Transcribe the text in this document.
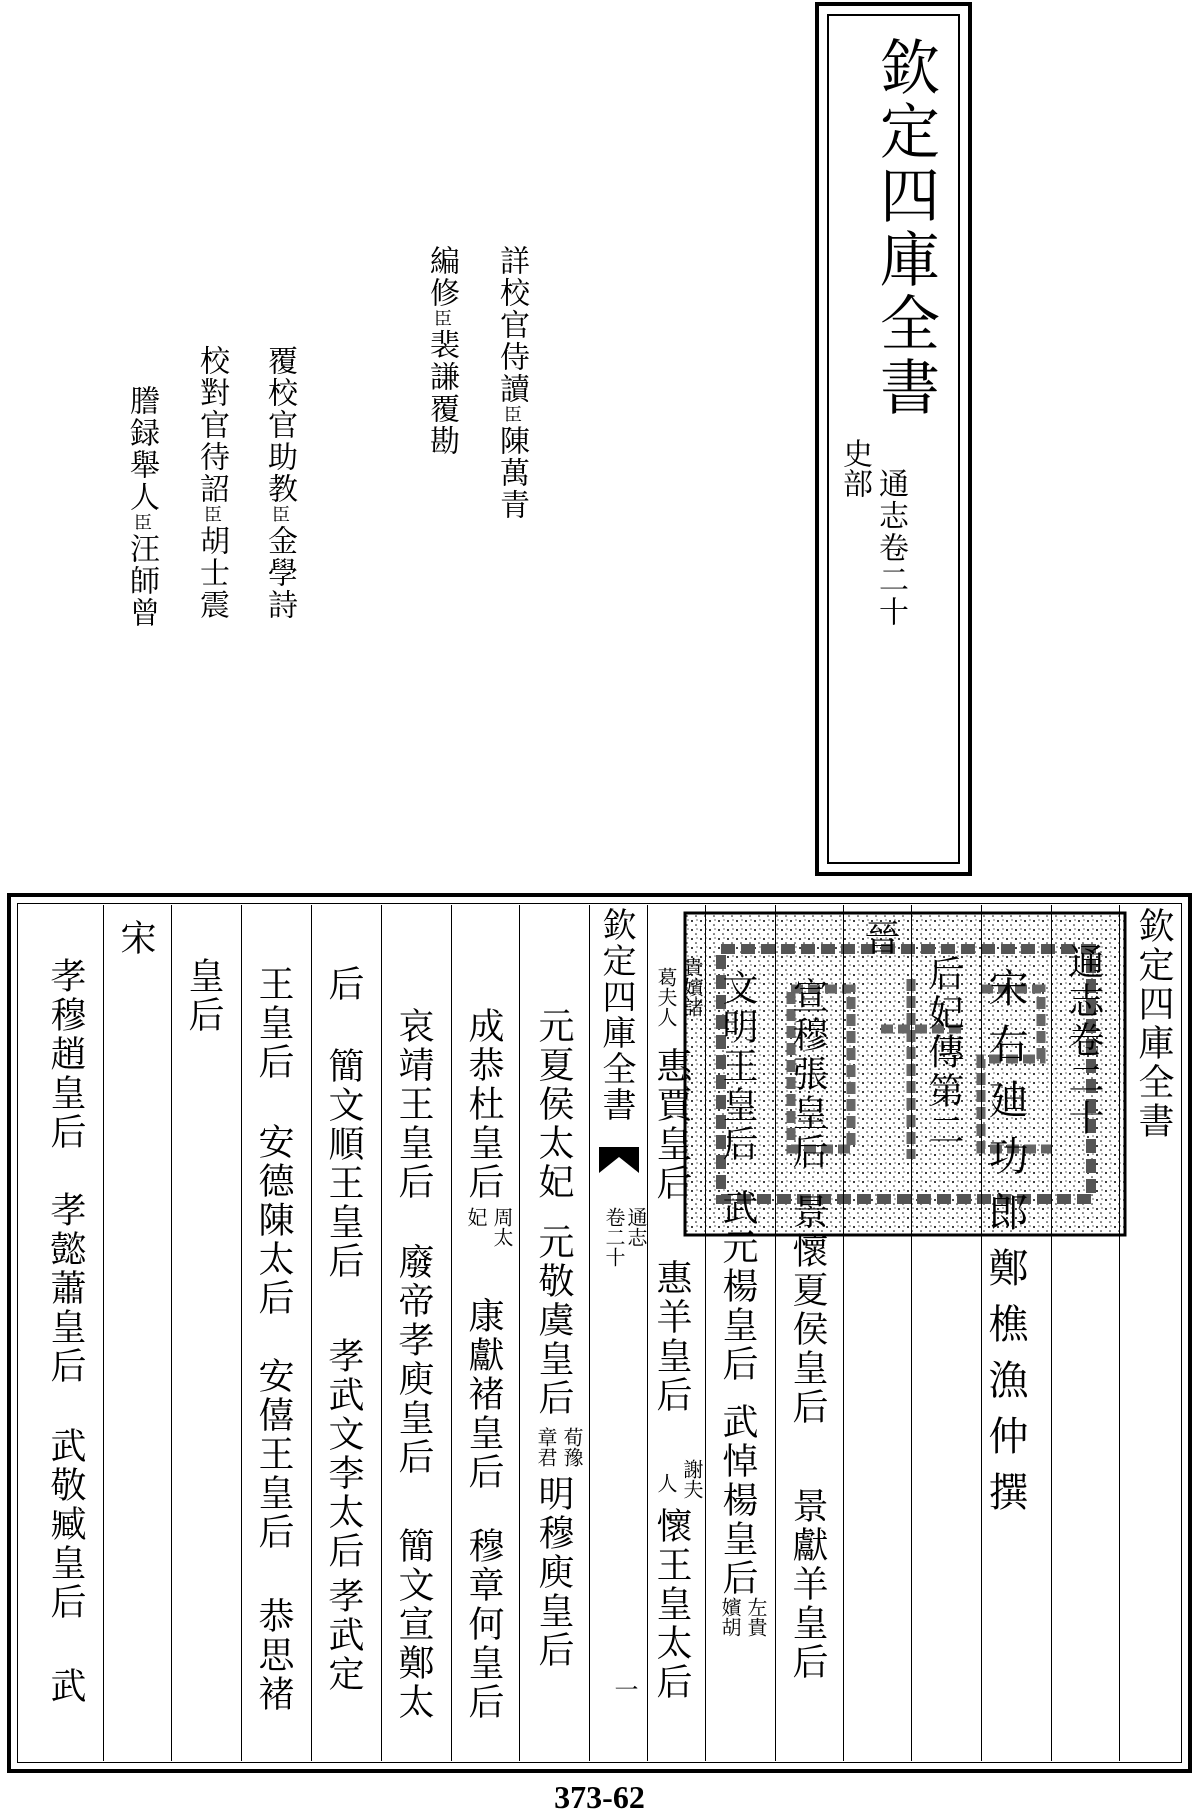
欽定四庫全書
史部 通志卷二十
詳校官侍讀臣陳萬青
編修臣裴謙覆勘
覆校官助教臣金學詩
校對官待詔臣胡士震
謄録舉人臣汪師曾
欽定四庫全書
通志卷二十
宋右廸功郎鄭樵漁仲撰
后妃傳第二
晉
宣穆張皇后
景懷夏侯皇后
景獻羊皇后
文明王皇后
武元楊皇后
武悼楊皇后
左貴
嬪胡
貴嬪諸
葛夫人
惠賈皇后
惠羊皇后
謝夫
人
懷王皇太后
欽定四庫全書
通志 卷二十
一
元夏侯太妃
元敬虞皇后
荀豫
章君
明穆庾皇后
成恭杜皇后
周太
妃
康獻褚皇后
穆章何皇后
哀靖王皇后
廢帝孝庾皇后
簡文宣鄭太
后
簡文順王皇后
孝武文李太后
孝武定
王皇后
安德陳太后
安僖王皇后
恭思褚
皇后
宋
孝穆趙皇后
孝懿蕭皇后
武敬臧皇后
武
373-62
